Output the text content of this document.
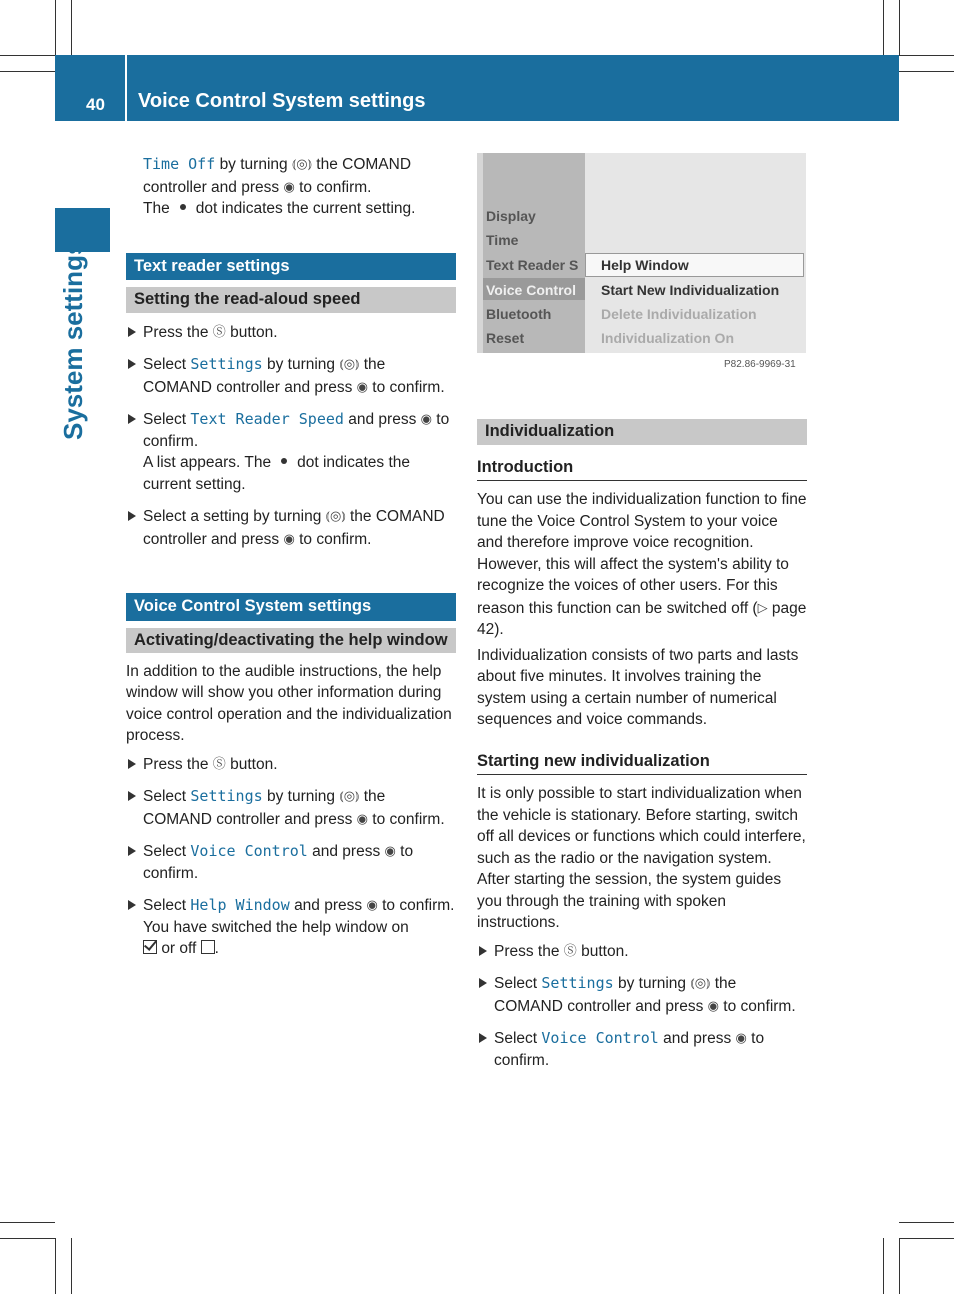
40 Voice Control System settings
System settings

Time Off by turning ⦅◎⦆ the COMAND controller and press ◉ to confirm.
The dot indicates the current setting.

Text reader settings

Setting the read-aloud speed

Press the Ⓢ button.

Select Settings by turning ⦅◎⦆ the COMAND controller and press ◉ to confirm.

Select Text Reader Speed and press ◉ to confirm.
A list appears. The dot indicates the current setting.

Select a setting by turning ⦅◎⦆ the COMAND controller and press ◉ to confirm.

Voice Control System settings

Activating/deactivating the help window

In addition to the audible instructions, the help window will show you other information during voice control operation and the individualization process.

Press the Ⓢ button.

Select Settings by turning ⦅◎⦆ the COMAND controller and press ◉ to confirm.

Select Voice Control and press ◉ to confirm.

Select Help Window and press ◉ to confirm.
You have switched the help window on
or off .

Display
Time
Text Reader S
Voice Control
Bluetooth
Reset
Help Window
Start New Individualization
Delete Individualization
Individualization On
P82.86-9969-31

Individualization

Introduction

You can use the individualization function to fine tune the Voice Control System to your voice and therefore improve voice recognition. However, this will affect the system's ability to recognize the voices of other users. For this reason this function can be switched off (▷ page 42).

Individualization consists of two parts and lasts about five minutes. It involves training the system using a certain number of numerical sequences and voice commands.

Starting new individualization

It is only possible to start individualization when the vehicle is stationary. Before starting, switch off all devices or functions which could interfere, such as the radio or the navigation system. After starting the session, the system guides you through the training with spoken instructions.

Press the Ⓢ button.

Select Settings by turning ⦅◎⦆ the COMAND controller and press ◉ to confirm.

Select Voice Control and press ◉ to confirm.
